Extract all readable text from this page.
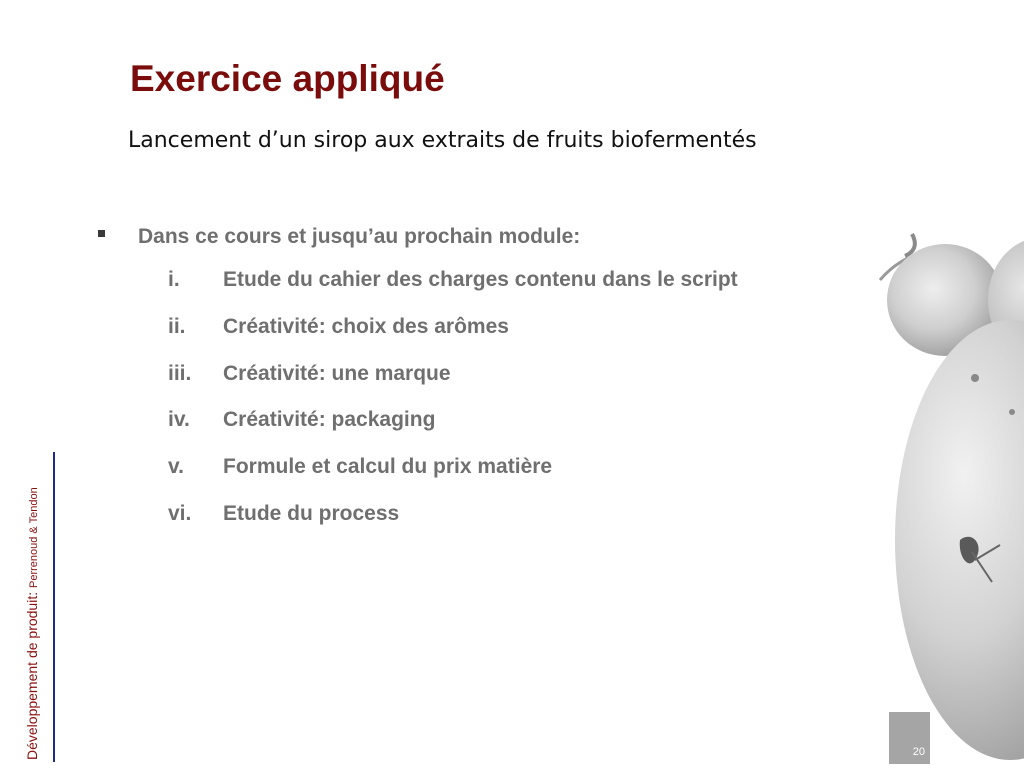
Exercice appliqué
Lancement d’un sirop aux extraits de fruits biofermentés
Dans ce cours et jusqu’au prochain module:
i. Etude du cahier des charges contenu dans le script
ii. Créativité: choix des arômes
iii. Créativité: une marque
iv. Créativité: packaging
v. Formule et calcul du prix matière
vi. Etude du process
Développement de produit: Perrenoud & Tendon
20
